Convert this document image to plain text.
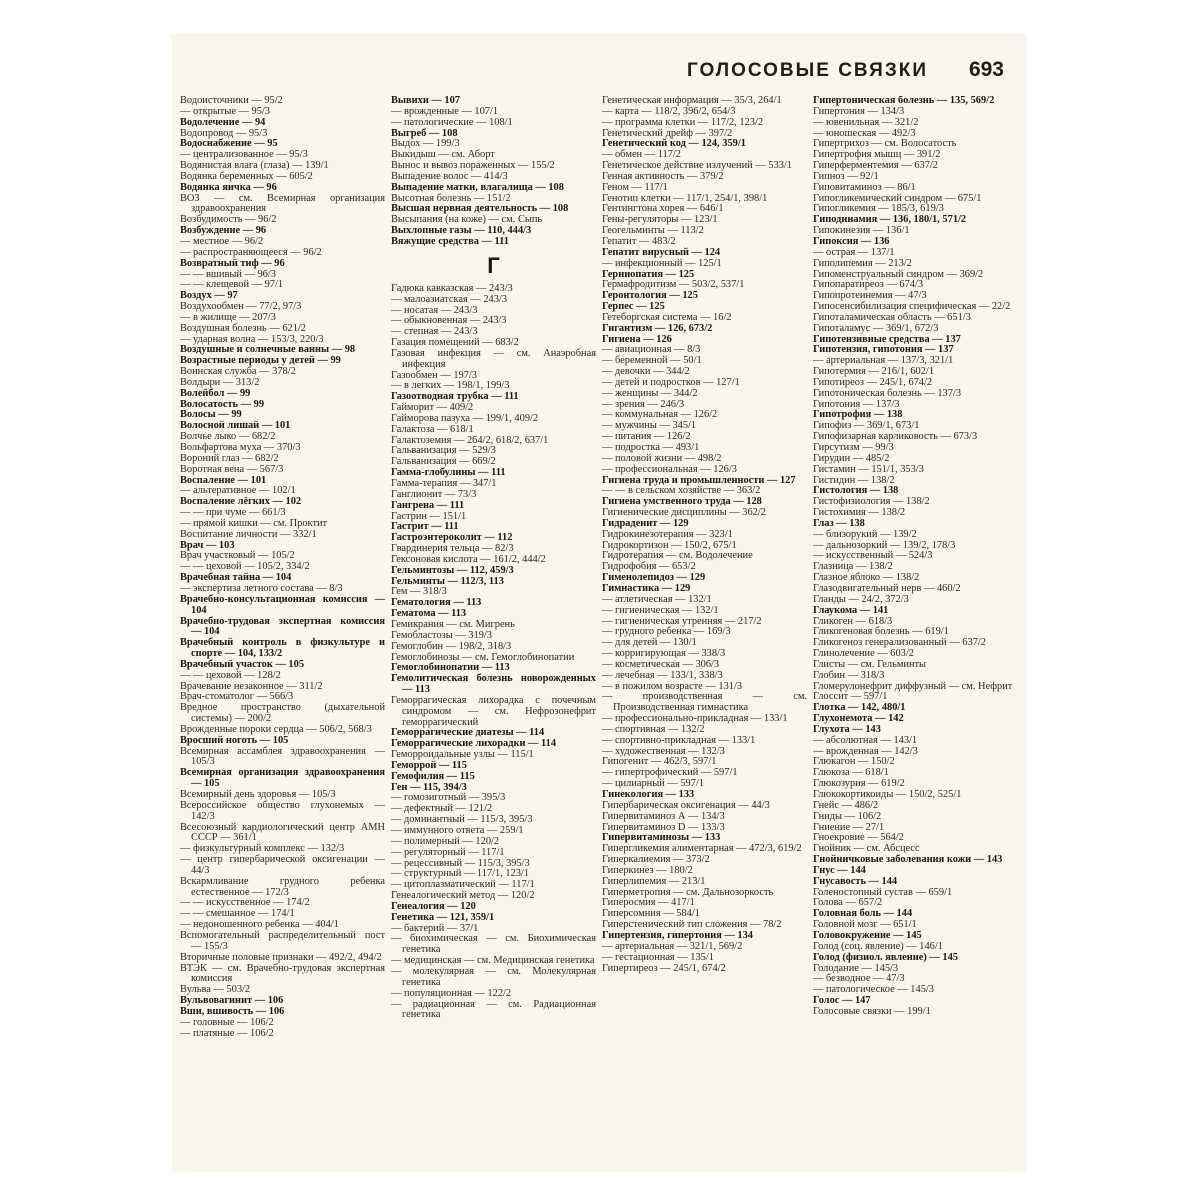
ГОЛОСОВЫЕ СВЯЗКИ 693

Водоисточники — 95/2

— открытые — 95/3

Водолечение — 94

Водопровод — 95/3

Водоснабжение — 95

— централизованное — 95/3

Водянистая влага (глаза) — 139/1

Водянка беременных — 605/2

Водянка яичка — 96

ВОЗ — см. Всемирная организация здравоохранения

Возбудимость — 96/2

Возбуждение — 96

— местное — 96/2

— распространяющееся — 96/2

Возвратный тиф — 96

— — вшивый — 96/3

— — клещевой — 97/1

Воздух — 97

Воздухообмен — 77/2, 97/3

— в жилище — 207/3

Воздушная болезнь — 621/2

— ударная волна — 153/3, 220/3

Воздушные и солнечные ванны — 98

Возрастные периоды у детей — 99

Воинская служба — 378/2

Волдыри — 313/2

Волейбол — 99

Волосатость — 99

Волосы — 99

Волосной лишай — 101

Волчье лыко — 682/2

Вольфартова муха — 370/3

Вороний глаз — 682/2

Воротная вена — 567/3

Воспаление — 101

— альтеративное — 102/1

Воспаление лёгких — 102

— — при чуме — 661/3

— прямой кишки — см. Проктит

Воспитание личности — 332/1

Врач — 103

Врач участковый — 105/2

— — цеховой — 105/2, 334/2

Врачебная тайна — 104

— экспертиза летного состава — 8/3

Врачебно-консультационная комиссия — 104

Врачебно-трудовая экспертная комиссия — 104

Врачебный контроль в физкультуре и спорте — 104, 133/2

Врачебный участок — 105

— — цеховой — 128/2

Врачевание незаконное — 311/2

Врач-стоматолог — 566/3

Вредное пространство (дыхательной системы) — 200/2

Врожденные пороки сердца — 506/2, 568/3

Вросший ноготь — 105

Всемирная ассамблея здравоохранения — 105/3

Всемирная организация здравоохранения — 105

Всемирный день здоровья — 105/3

Всероссийское общество глухонемых — 142/3

Всесоюзный кардиологический центр АМН СССР — 361/1

— физкультурный комплекс — 132/3

— центр гипербарической оксигенации — 44/3

Вскармливание грудного ребенка естественное — 172/3

— — искусственное — 174/2

— — смешанное — 174/1

— недоношенного ребенка — 404/1

Вспомогательный распределительный пост — 155/3

Вторичные половые признаки — 492/2, 494/2

ВТЭК — см. Врачебно-трудовая экспертная комиссия

Вульва — 503/2

Вульвовагинит — 106

Вши, вшивость — 106

— головные — 106/2

— платяные — 106/2

Вывихи — 107

— врожденные — 107/1

— патологические — 108/1

Выгреб — 108

Выдох — 199/3

Выкидыш — см. Аборт

Вынос и вывоз пораженных — 155/2

Выпадение волос — 414/3

Выпадение матки, влагалища — 108

Высотная болезнь — 151/2

Высшая нервная деятельность — 108

Высыпания (на коже) — см. Сыпь

Выхлопные газы — 110, 444/3

Вяжущие средства — 111

Г

Гадюка кавказская — 243/3

— малоазиатская — 243/3

— носатая — 243/3

— обыкновенная — 243/3

— степная — 243/3

Газация помещений — 683/2

Газовая инфекция — см. Анаэробная инфекция

Газообмен — 197/3

— в легких — 198/1, 199/3

Газоотводная трубка — 111

Гайморит — 409/2

Гайморова пазуха — 199/1, 409/2

Галактоза — 618/1

Галактоземия — 264/2, 618/2, 637/1

Гальванизация — 529/3

Гальванизация — 669/2

Гамма-глобулины — 111

Гамма-терапия — 347/1

Ганглионит — 73/3

Гангрена — 111

Гастрин — 151/1

Гастрит — 111

Гастроэнтероколит — 112

Гвардинерия тельца — 82/3

Гексоновая кислота — 161/2, 444/2

Гельминтозы — 112, 459/3

Гельминты — 112/3, 113

Гем — 318/3

Гематология — 113

Гематома — 113

Гемикрания — см. Мигрень

Гемобластозы — 319/3

Гемоглобин — 198/2, 318/3

Гемоглобинозы — см. Гемоглобинопатии

Гемоглобинопатии — 113

Гемолитическая болезнь новорожденных — 113

Геморрагическая лихорадка с почечным синдромом — см. Нефрозонефрит геморрагический

Геморрагические диатезы — 114

Геморрагические лихорадки — 114

Геморроидальные узлы — 115/1

Геморрой — 115

Гемофилия — 115

Ген — 115, 394/3

— гомозиготный — 395/3

— дефектный — 121/2

— доминантный — 115/3, 395/3

— иммунного ответа — 259/1

— полимерный — 120/2

— регуляторный — 117/1

— рецессивный — 115/3, 395/3

— структурный — 117/1, 123/1

— цитоплазматический — 117/1

Генеалогический метод — 120/2

Генеалогия — 120

Генетика — 121, 359/1

— бактерий — 37/1

— биохимическая — см. Биохимическая генетика

— медицинская — см. Медицинская генетика

— молекулярная — см. Молекулярная генетика

— популяционная — 122/2

— радиационная — см. Радиационная генетика

Генетическая информация — 35/3, 264/1

— карта — 118/2, 396/2, 654/3

— программа клетки — 117/2, 123/2

Генетический дрейф — 397/2

Генетический код — 124, 359/1

— обмен — 117/2

Генетическое действие излучений — 533/1

Генная активность — 379/2

Геном — 117/1

Генотип клетки — 117/1, 254/1, 398/1

Гентингтона хорея — 646/1

Гены-регуляторы — 123/1

Геогельминты — 113/2

Гепатит — 483/2

Гепатит вирусный — 124

— инфекционный — 125/1

Герниопатия — 125

Гермафродитизм — 503/2, 537/1

Геронтология — 125

Герпес — 125

Гетеборгская система — 16/2

Гигантизм — 126, 673/2

Гигиена — 126

— авиационная — 8/3

— беременной — 50/1

— девочки — 344/2

— детей и подростков — 127/1

— женщины — 344/2

— зрения — 246/3

— коммунальная — 126/2

— мужчины — 345/1

— питания — 126/2

— подростка — 493/1

— половой жизни — 498/2

— профессиональная — 126/3

Гигиена труда и промышленности — 127

— — в сельском хозяйстве — 363/2

Гигиена умственного труда — 128

Гигиенические дисциплины — 362/2

Гидраденит — 129

Гидрокинезотерапия — 323/1

Гидрокортизон — 150/2, 675/1

Гидротерапия — см. Водолечение

Гидрофобия — 653/2

Гименолепидоз — 129

Гимнастика — 129

— атлетическая — 132/1

— гигиеническая — 132/1

— гигиеническая утренняя — 217/2

— грудного ребенка — 169/3

— для детей — 130/1

— корригирующая — 338/3

— косметическая — 306/3

— лечебная — 133/1, 338/3

— в пожилом возрасте — 131/3

— производственная — см. Производственная гимнастика

— профессионально-прикладная — 133/1

— спортивная — 132/2

— спортивно-прикладная — 133/1

— художественная — 132/3

Гипогенит — 462/3, 597/1

— гипертрофический — 597/1

— цилиарный — 597/1

Гинекология — 133

Гипербарическая оксигенация — 44/3

Гипервитаминоз А — 134/3

Гипервитаминоз D — 133/3

Гипервитаминозы — 133

Гипергликемия алиментарная — 472/3, 619/2

Гиперкалиемия — 373/2

Гиперкинез — 180/2

Гиперлипемия — 213/1

Гиперметропия — см. Дальнозоркость

Гиперосмия — 417/1

Гиперсомния — 584/1

Гиперстенический тип сложения — 78/2

Гипертензия, гипертония — 134

— артериальная — 321/1, 569/2

— гестационная — 135/1

Гипертиреоз — 245/1, 674/2

Гипертоническая болезнь — 135, 569/2

Гипертония — 134/3

— ювенильная — 321/2

— юношеская — 492/3

Гипертрихоз — см. Волосатость

Гипертрофия мышц — 391/2

Гиперферментемия — 637/2

Гипноз — 92/1

Гиповитаминоз — 86/1

Гипогликемический синдром — 675/1

Гипогликемия — 185/3, 619/3

Гиподинамия — 136, 180/1, 571/2

Гипокинезия — 136/1

Гипоксия — 136

— острая — 137/1

Гиполипемия — 213/2

Гипоменструальный синдром — 369/2

Гипопаратиреоз — 674/3

Гипопротеинемия — 47/3

Гипосенсибилизация специфическая — 22/2

Гипоталамическая область — 651/3

Гипоталамус — 369/1, 672/3

Гипотензивные средства — 137

Гипотензия, гипотония — 137

— артериальная — 137/3, 321/1

Гипотермия — 216/1, 602/1

Гипотиреоз — 245/1, 674/2

Гипотоническая болезнь — 137/3

Гипотония — 137/3

Гипотрофия — 138

Гипофиз — 369/1, 673/1

Гипофизарная карликовость — 673/3

Гирсутизм — 99/3

Гирудин — 485/2

Гистамин — 151/1, 353/3

Гистидин — 138/2

Гистология — 138

Гистофизиология — 138/2

Гистохимия — 138/2

Глаз — 138

— близорукий — 139/2

— дальнозоркий — 139/2, 178/3

— искусственный — 524/3

Глазница — 138/2

Глазное яблоко — 138/2

Глазодвигательный нерв — 460/2

Гланды — 24/2, 372/3

Глаукома — 141

Гликоген — 618/3

Гликогеновая болезнь — 619/1

Гликогеноз генерализованный — 637/2

Глинолечение — 603/2

Глисты — см. Гельминты

Глобин — 318/3

Гломерулонефрит диффузный — см. Нефрит

Глоссит — 597/1

Глотка — 142, 480/1

Глухонемота — 142

Глухота — 143

— абсолютная — 143/1

— врожденная — 142/3

Глюкагон — 150/2

Глюкоза — 618/1

Глюкозурия — 619/2

Глюкокортикоиды — 150/2, 525/1

Гнейс — 486/2

Гниды — 106/2

Гниение — 27/1

Гноекровие — 564/2

Гнойник — см. Абсцесс

Гнойничковые заболевания кожи — 143

Гнус — 144

Гнусавость — 144

Голеностопный сустав — 659/1

Голова — 657/2

Головная боль — 144

Головной мозг — 651/1

Головокружение — 145

Голод (соц. явление) — 146/1

Голод (физиол. явление) — 145

Голодание — 145/3

— безводное — 47/3

— патологическое — 145/3

Голос — 147

Голосовые связки — 199/1
